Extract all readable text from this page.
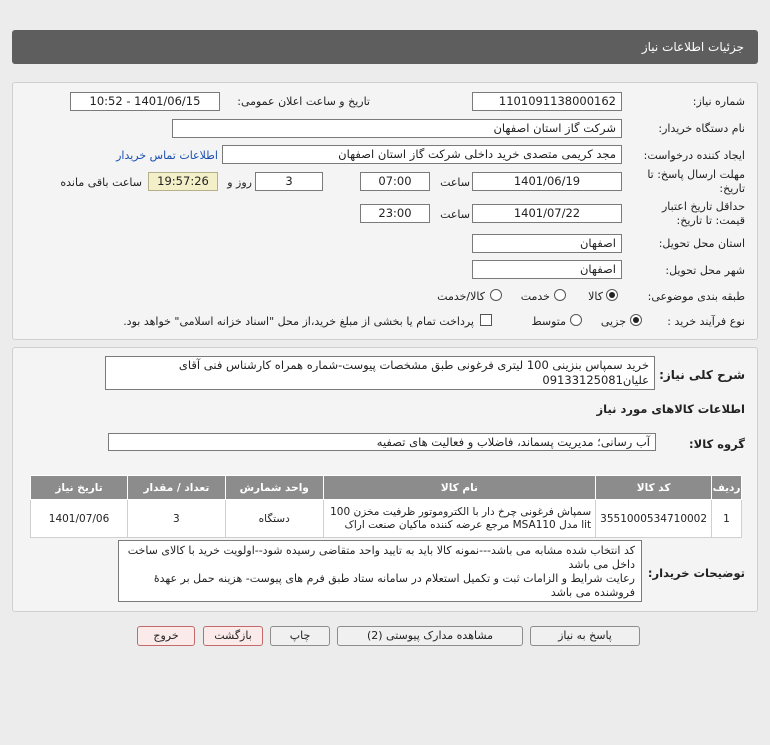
جزئیات اطلاعات نیاز
شماره نیاز:
1101091138000162
تاریخ و ساعت اعلان عمومی:
1401/06/15 - 10:52
نام دستگاه خریدار:
شرکت گاز استان اصفهان
ایجاد کننده درخواست:
مجد کریمی متصدی خرید داخلی شرکت گاز استان اصفهان
اطلاعات تماس خریدار
مهلت ارسال پاسخ: تا تاریخ:
1401/06/19
ساعت
07:00
3
روز و
19:57:26
ساعت باقی مانده
حداقل تاریخ اعتبار قیمت: تا تاریخ:
1401/07/22
ساعت
23:00
استان محل تحویل:
اصفهان
شهر محل تحویل:
اصفهان
طبقه بندی موضوعی:
کالا
خدمت
کالا/خدمت
نوع فرآیند خرید :
جزیی
متوسط
پرداخت تمام یا بخشی از مبلغ خرید،از محل "اسناد خزانه اسلامی" خواهد بود.
شرح کلی نیاز:
خرید سمپاس بنزینی 100 لیتری فرغونی طبق مشخصات پیوست-شماره همراه کارشناس فنی آقای علیان09133125081
اطلاعات کالاهای مورد نیاز
گروه کالا:
آب رسانی؛ مدیریت پسماند، فاضلاب و فعالیت های تصفیه
ردیف	کد کالا	نام کالا	واحد شمارش	تعداد / مقدار	تاریخ نیاز
1	3551000534710002	سمپاش فرغونی چرخ دار با الکتروموتور ظرفیت مخزن 100 lit مدل MSA110 مرجع عرضه کننده ماکیان صنعت اراک	دستگاه	3	1401/07/06
توضیحات خریدار:
کد انتخاب شده مشابه می باشد---نمونه کالا باید به تایید واحد متقاضی رسیده شود--اولویت خرید با کالای ساخت داخل می باشد
رعایت شرایط و الزامات ثبت و تکمیل استعلام در سامانه ستاد طبق فرم های پیوست- هزینه حمل بر عهدهٔ فروشنده می باشد
پاسخ به نیاز
مشاهده مدارک پیوستی (2)
چاپ
بازگشت
خروج
